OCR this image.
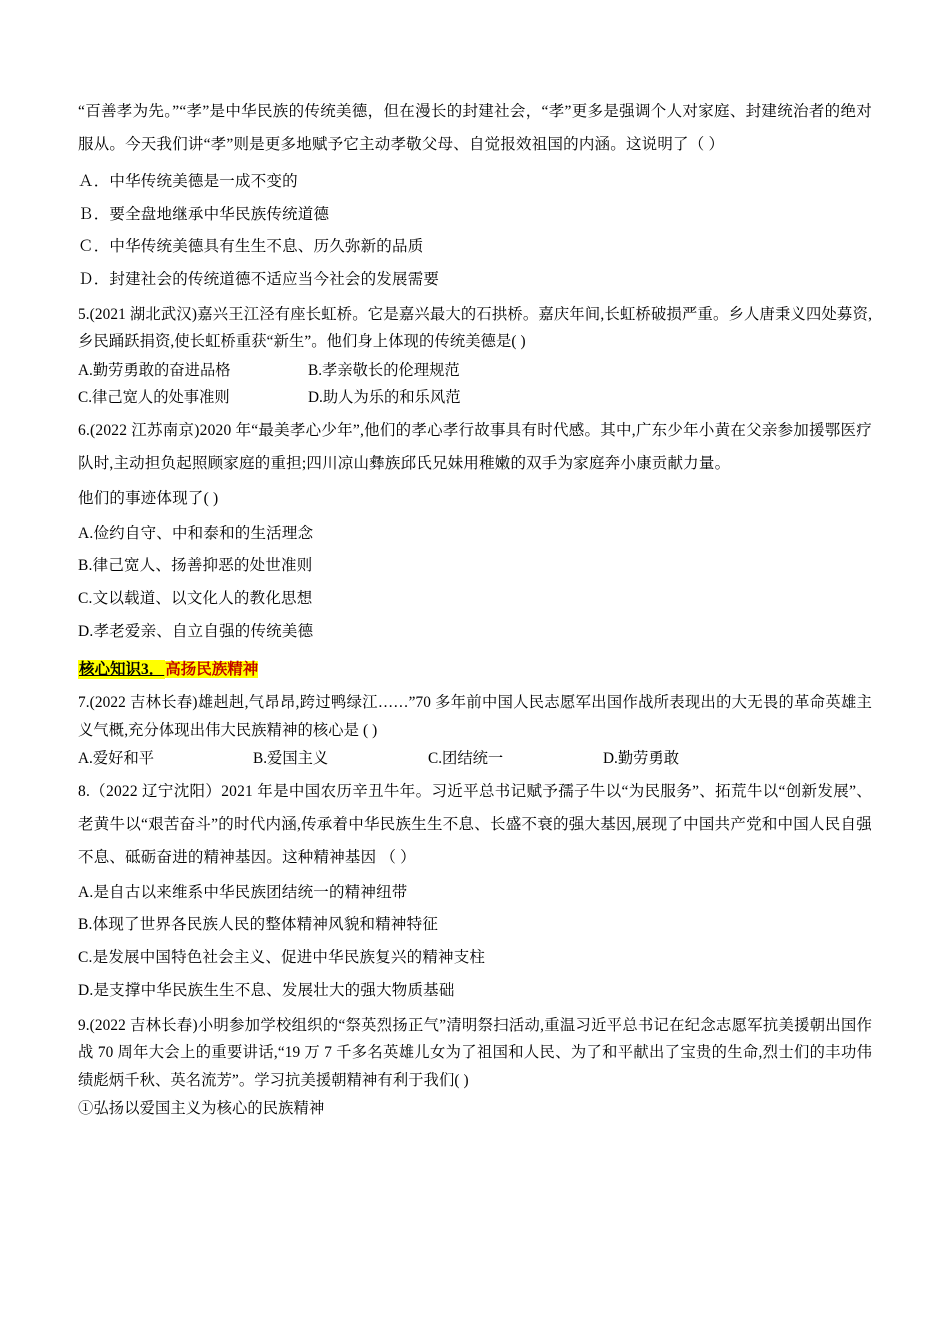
“百善孝为先。”“孝”是中华民族的传统美德，但在漫长的封建社会，“孝”更多是强调个人对家庭、封建统治者的绝对服从。今天我们讲“孝”则是更多地赋予它主动孝敬父母、自觉报效祖国的内涵。这说明了（ ）

Ａ．中华传统美德是一成不变的

Ｂ．要全盘地继承中华民族传统道德

Ｃ．中华传统美德具有生生不息、历久弥新的品质

Ｄ．封建社会的传统道德不适应当今社会的发展需要

5.(2021 湖北武汉)嘉兴王江泾有座长虹桥。它是嘉兴最大的石拱桥。嘉庆年间,长虹桥破损严重。乡人唐秉义四处募资,乡民踊跃捐资,使长虹桥重获“新生”。他们身上体现的传统美德是( )

A.勤劳勇敢的奋进品格	B.孝亲敬长的伦理规范
C.律己宽人的处事准则	D.助人为乐的和乐风范

6.(2022 江苏南京)2020 年“最美孝心少年”,他们的孝心孝行故事具有时代感。其中,广东少年小黄在父亲参加援鄂医疗队时,主动担负起照顾家庭的重担;四川凉山彝族邱氏兄妹用稚嫩的双手为家庭奔小康贡献力量。

他们的事迹体现了( )

A.俭约自守、中和泰和的生活理念

B.律己宽人、扬善抑恶的处世准则

C.文以载道、以文化人的教化思想

D.孝老爱亲、自立自强的传统美德

核心知识3．高扬民族精神

7.(2022 吉林长春)雄赳赳,气昂昂,跨过鸭绿江……”70 多年前中国人民志愿军出国作战所表现出的大无畏的革命英雄主义气概,充分体现出伟大民族精神的核心是 ( )

A.爱好和平	B.爱国主义	C.团结统一	D.勤劳勇敢

8.（2022 辽宁沈阳）2021 年是中国农历辛丑牛年。习近平总书记赋予孺子牛以“为民服务”、拓荒牛以“创新发展”、老黄牛以“艰苦奋斗”的时代内涵,传承着中华民族生生不息、长盛不衰的强大基因,展现了中国共产党和中国人民自强不息、砥砺奋进的精神基因。这种精神基因 （ ）

A.是自古以来维系中华民族团结统一的精神纽带

B.体现了世界各民族人民的整体精神风貌和精神特征

C.是发展中国特色社会主义、促进中华民族复兴的精神支柱

D.是支撑中华民族生生不息、发展壮大的强大物质基础

9.(2022 吉林长春)小明参加学校组织的“祭英烈扬正气”清明祭扫活动,重温习近平总书记在纪念志愿军抗美援朝出国作战 70 周年大会上的重要讲话,“19 万 7 千多名英雄儿女为了祖国和人民、为了和平献出了宝贵的生命,烈士们的丰功伟绩彪炳千秋、英名流芳”。学习抗美援朝精神有利于我们( )

①弘扬以爱国主义为核心的民族精神
